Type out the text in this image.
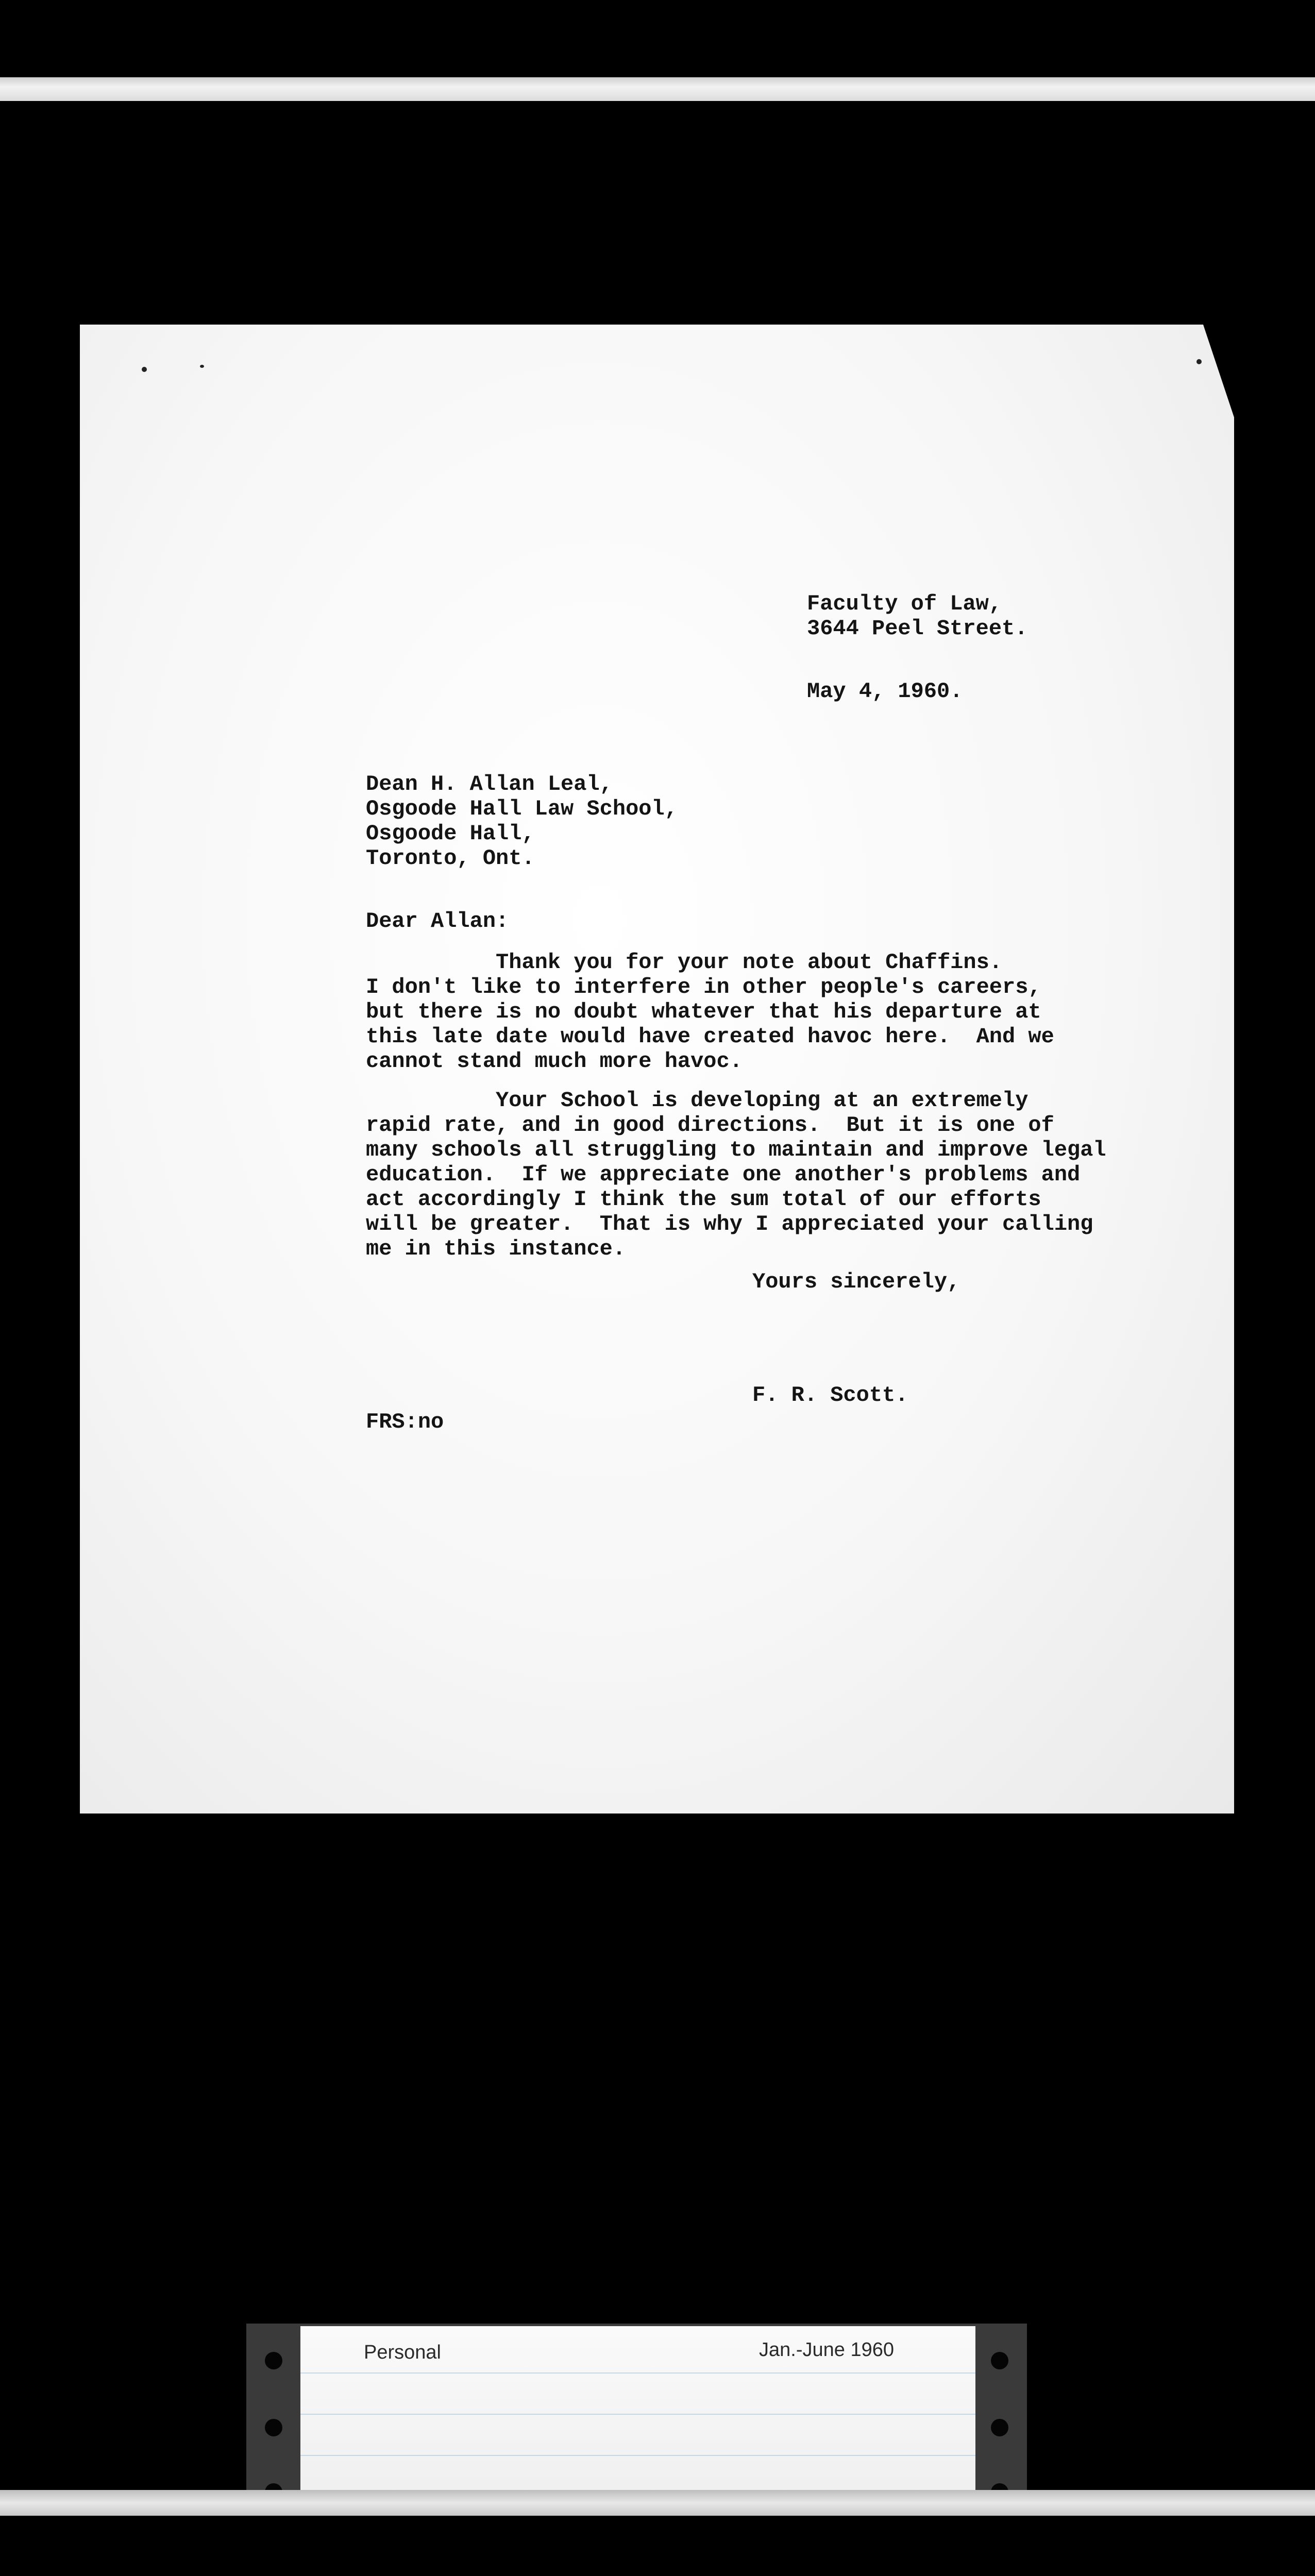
Faculty of Law,
3644 Peel Street.
May 4, 1960.
Dean H. Allan Leal,
Osgoode Hall Law School,
Osgoode Hall,
Toronto, Ont.
Dear Allan:
Thank you for your note about Chaffins.
I don't like to interfere in other people's careers,
but there is no doubt whatever that his departure at
this late date would have created havoc here.  And we
cannot stand much more havoc.
Your School is developing at an extremely
rapid rate, and in good directions.  But it is one of
many schools all struggling to maintain and improve legal
education.  If we appreciate one another's problems and
act accordingly I think the sum total of our efforts
will be greater.  That is why I appreciated your calling
me in this instance.
Yours sincerely,
F. R. Scott.
FRS:no
Personal	Jan.-June 1960
